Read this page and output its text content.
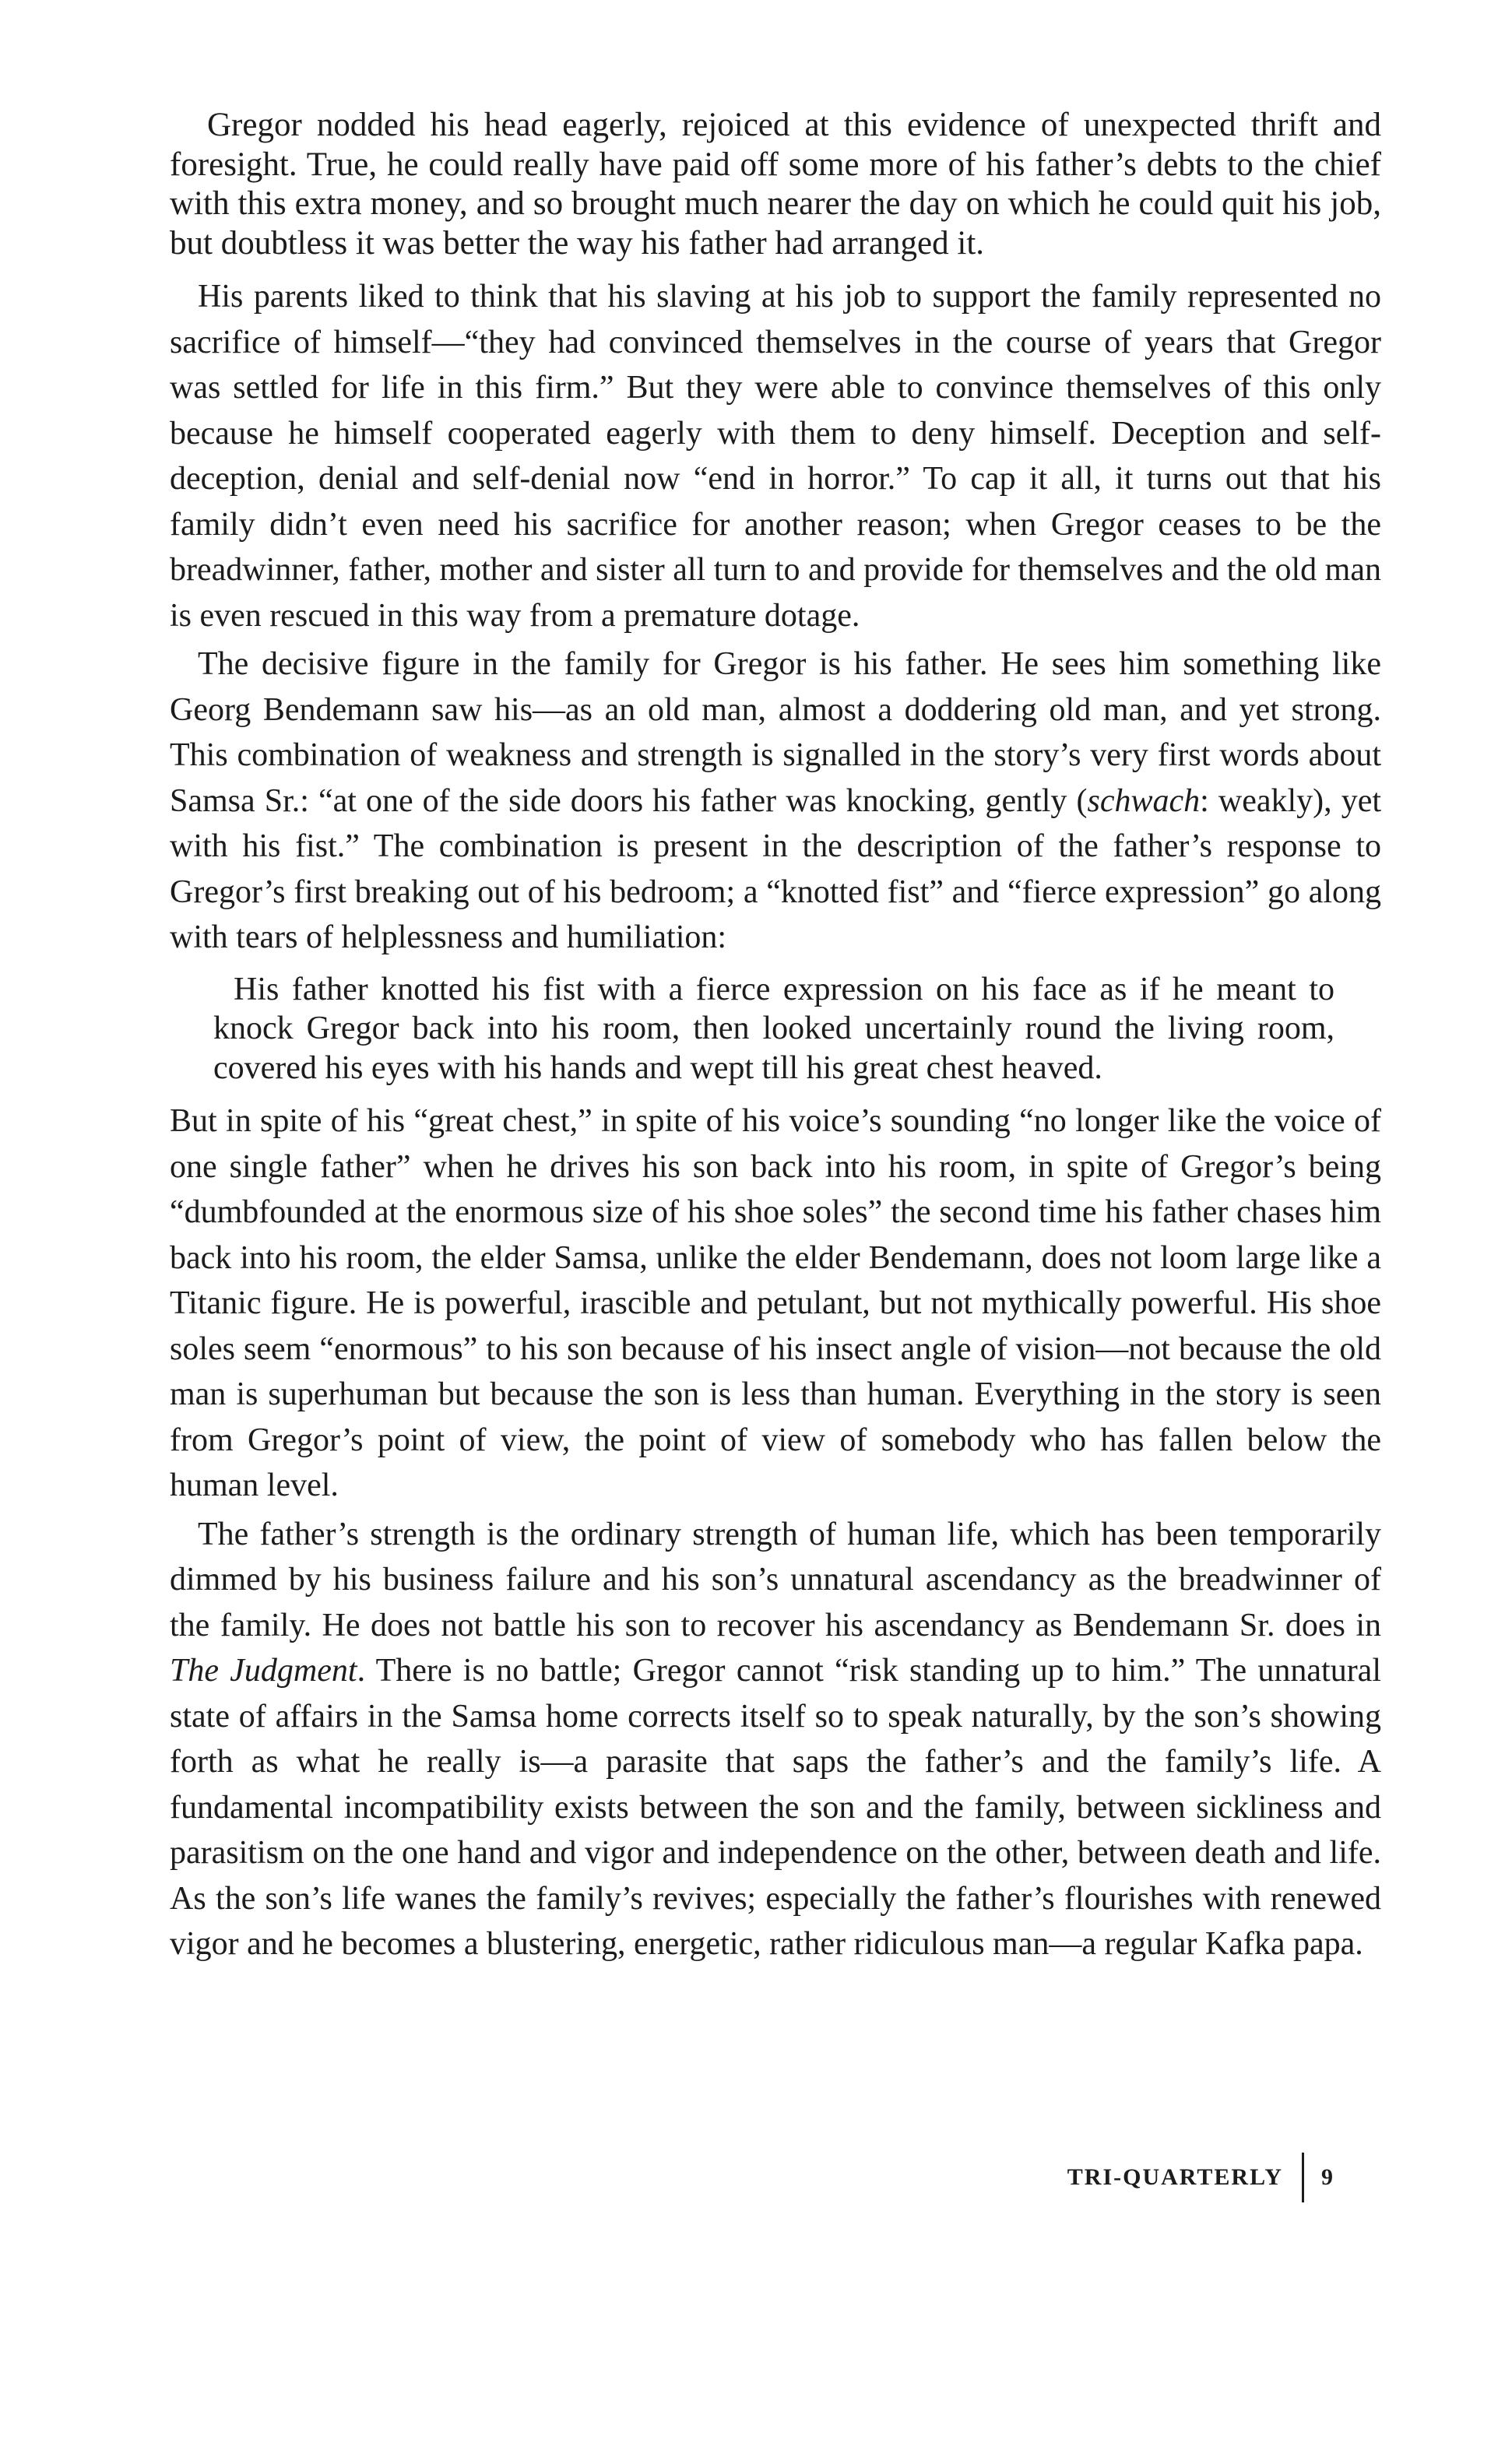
Gregor nodded his head eagerly, rejoiced at this evidence of unexpected thrift and foresight. True, he could really have paid off some more of his father’s debts to the chief with this extra money, and so brought much nearer the day on which he could quit his job, but doubtless it was better the way his father had arranged it.

His parents liked to think that his slaving at his job to support the family represented no sacrifice of himself—“they had convinced themselves in the course of years that Gregor was settled for life in this firm.” But they were able to convince themselves of this only because he himself cooperated eagerly with them to deny himself. Deception and self-deception, denial and self-denial now “end in horror.” To cap it all, it turns out that his family didn’t even need his sacrifice for another reason; when Gregor ceases to be the breadwinner, father, mother and sister all turn to and provide for themselves and the old man is even rescued in this way from a premature dotage.

The decisive figure in the family for Gregor is his father. He sees him something like Georg Bendemann saw his—as an old man, almost a doddering old man, and yet strong. This combination of weakness and strength is signalled in the story’s very first words about Samsa Sr.: “at one of the side doors his father was knocking, gently (schwach: weakly), yet with his fist.” The combination is present in the description of the father’s response to Gregor’s first breaking out of his bedroom; a “knotted fist” and “fierce expression” go along with tears of helplessness and humiliation:

His father knotted his fist with a fierce expression on his face as if he meant to knock Gregor back into his room, then looked uncertainly round the living room, covered his eyes with his hands and wept till his great chest heaved.

But in spite of his “great chest,” in spite of his voice’s sounding “no longer like the voice of one single father” when he drives his son back into his room, in spite of Gregor’s being “dumbfounded at the enormous size of his shoe soles” the second time his father chases him back into his room, the elder Samsa, unlike the elder Bendemann, does not loom large like a Titanic figure. He is powerful, irascible and petulant, but not mythically powerful. His shoe soles seem “enormous” to his son because of his insect angle of vision—not because the old man is superhuman but because the son is less than human. Everything in the story is seen from Gregor’s point of view, the point of view of somebody who has fallen below the human level.

The father’s strength is the ordinary strength of human life, which has been temporarily dimmed by his business failure and his son’s unnatural ascendancy as the breadwinner of the family. He does not battle his son to recover his ascendancy as Bendemann Sr. does in The Judgment. There is no battle; Gregor cannot “risk standing up to him.” The unnatural state of affairs in the Samsa home corrects itself so to speak naturally, by the son’s showing forth as what he really is—a parasite that saps the father’s and the family’s life. A fundamental incompatibility exists between the son and the family, between sickliness and parasitism on the one hand and vigor and independence on the other, between death and life. As the son’s life wanes the family’s revives; especially the father’s flourishes with renewed vigor and he becomes a blustering, energetic, rather ridiculous man—a regular Kafka papa.

TRI-QUARTERLY 9
